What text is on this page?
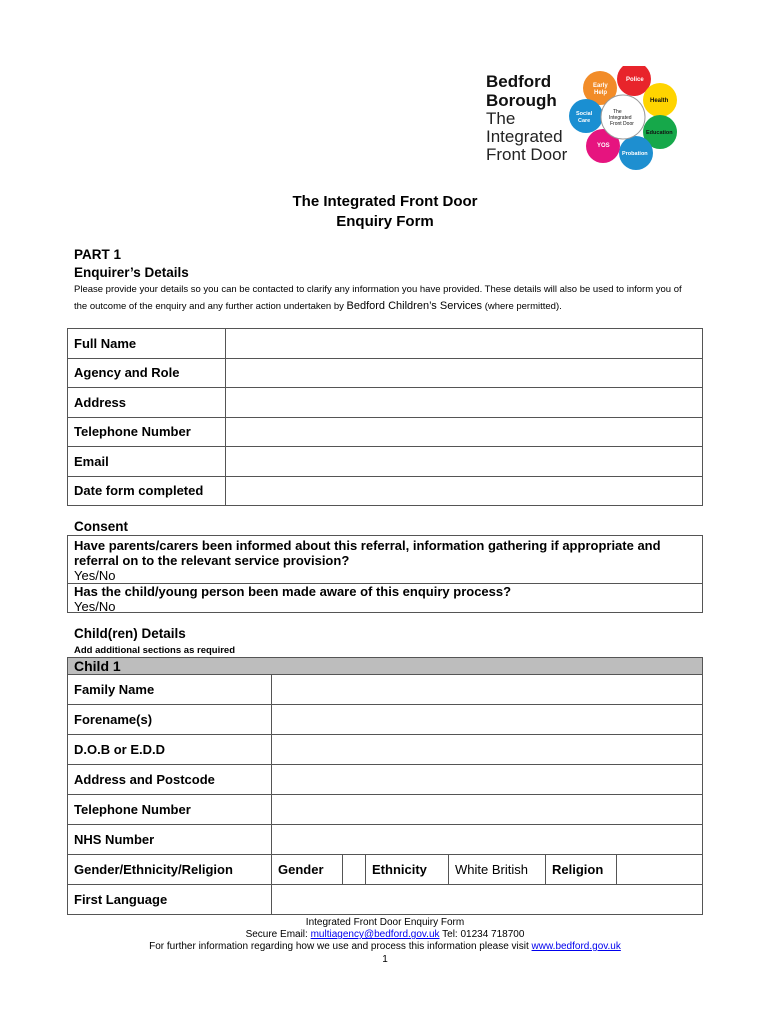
Bedford
Borough
The
Integrated
Front Door
Early Help
Police
Health
Education
Probation
YOS
Social Care
The Integrated Front Door
The Integrated Front Door
Enquiry Form
PART 1
Enquirer’s Details
Please provide your details so you can be contacted to clarify any information you have provided. These details will also be used to inform you of the outcome of the enquiry and any further action undertaken by Bedford Children’s Services (where permitted).
Full Name	
Agency and Role	
Address	
Telephone Number	
Email	
Date form completed	
Consent
Have parents/carers been informed about this referral, information gathering if appropriate and referral on to the relevant service provision?
Yes/No
Has the child/young person been made aware of this enquiry process?
Yes/No
Child(ren) Details
Add additional sections as required
Child 1						
Family Name						
Forename(s)						
D.O.B or E.D.D						
Address and Postcode						
Telephone Number						
NHS Number						
Gender/Ethnicity/Religion	Gender		Ethnicity	White British	Religion	
First Language						
Integrated Front Door Enquiry Form
Secure Email: multiagency@bedford.gov.uk Tel: 01234 718700
For further information regarding how we use and process this information please visit www.bedford.gov.uk
1
